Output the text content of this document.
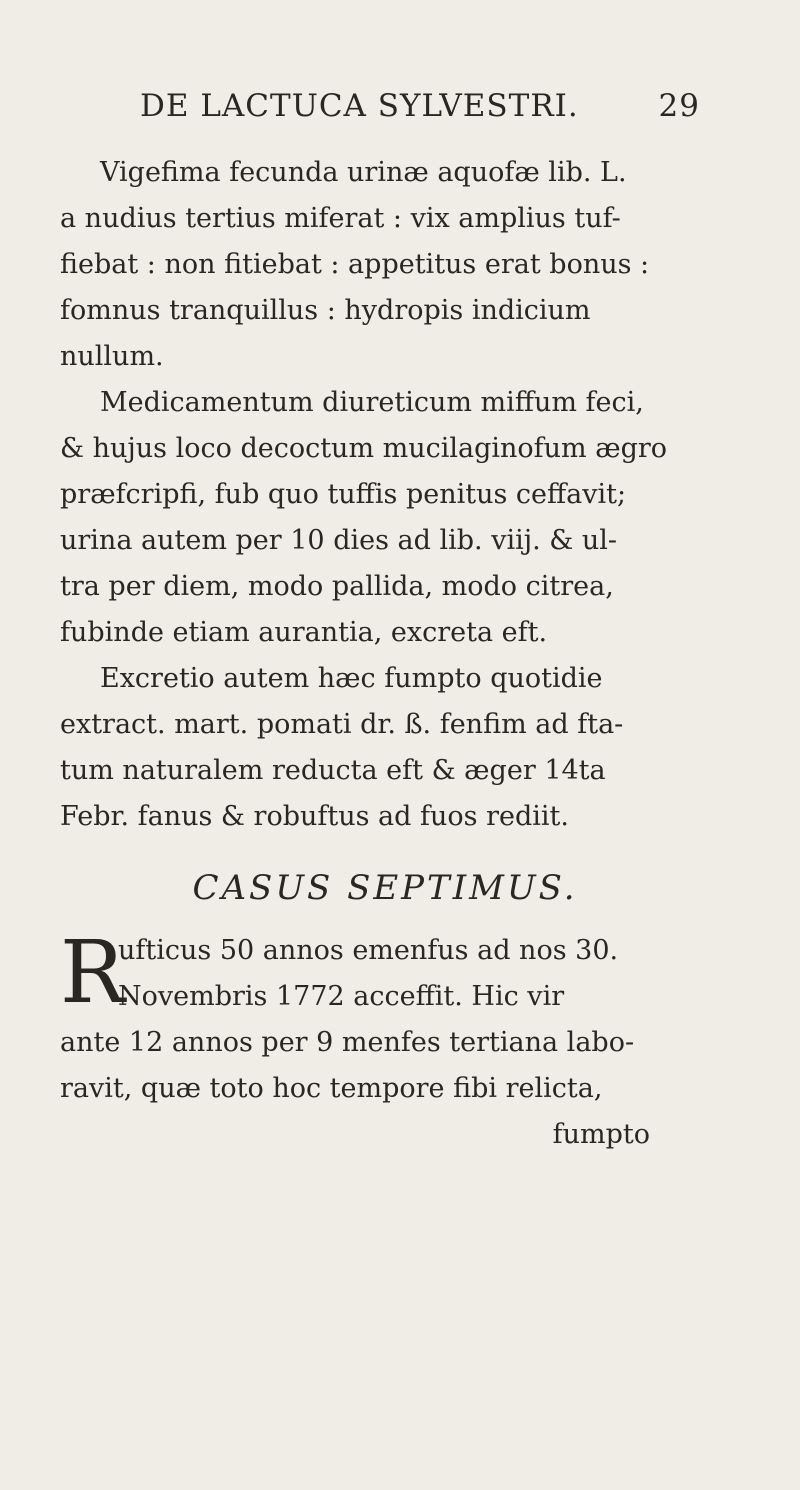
DE LACTUCA SYLVESTRI.	29
Vigefima fecunda urinæ aquofæ lib. L.
a nudius tertius miferat : vix amplius tuf-
fiebat : non fitiebat : appetitus erat bonus :
fomnus tranquillus : hydropis indicium
nullum.
Medicamentum diureticum miffum feci,
& hujus loco decoctum mucilaginofum ægro
præfcripfi, fub quo tuffis penitus ceffavit;
urina autem per 10 dies ad lib. viij. & ul-
tra per diem, modo pallida, modo citrea,
fubinde etiam aurantia, excreta eft.
Excretio autem hæc fumpto quotidie
extract. mart. pomati dr. ß. fenfim ad fta-
tum naturalem reducta eft & æger 14ta
Febr. fanus & robuftus ad fuos rediit.
CASUS SEPTIMUS.
R
ufticus 50 annos emenfus ad nos 30.
Novembris 1772 acceffit. Hic vir
ante 12 annos per 9 menfes tertiana labo-
ravit, quæ toto hoc tempore fibi relicta,
fumpto
